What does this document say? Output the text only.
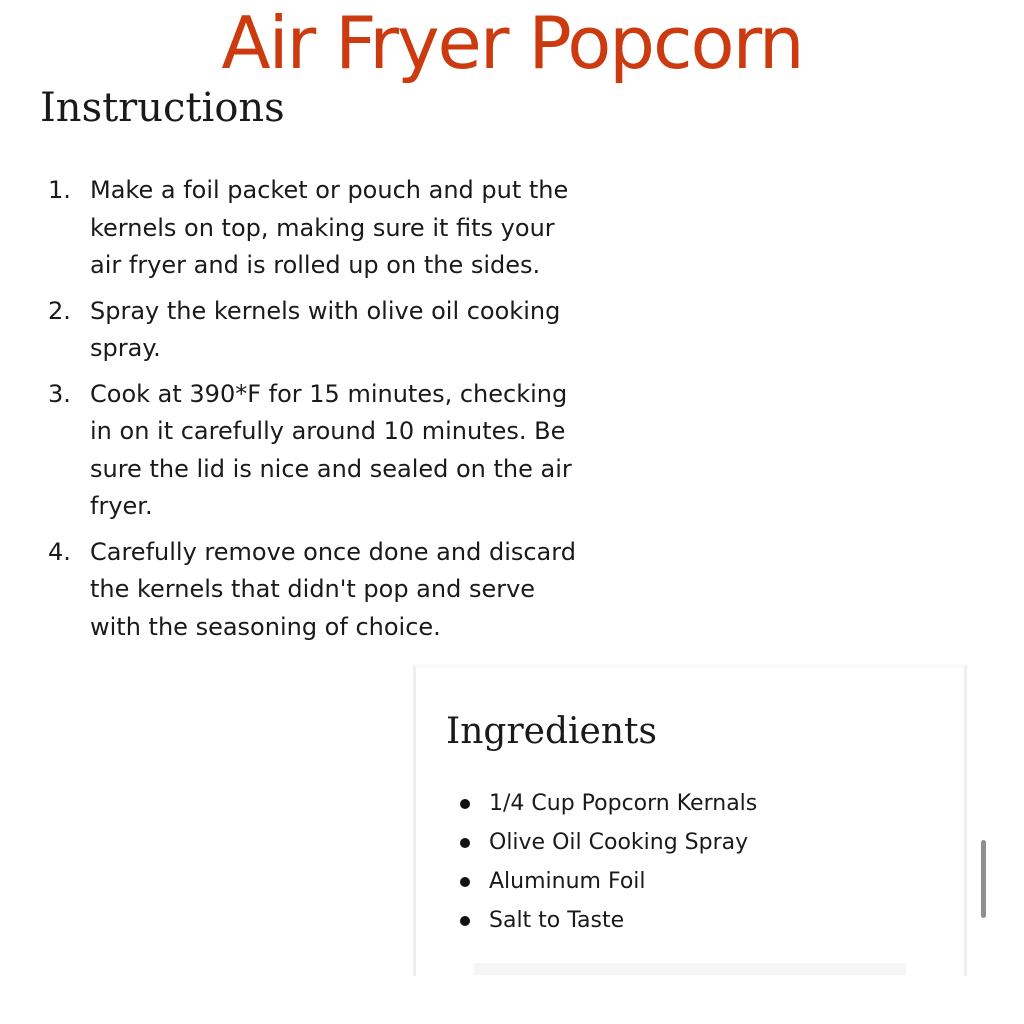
Air Fryer Popcorn
Instructions
1. Make a foil packet or pouch and put the
kernels on top, making sure it fits your
air fryer and is rolled up on the sides.
2. Spray the kernels with olive oil cooking
spray.
3. Cook at 390*F for 15 minutes, checking
in on it carefully around 10 minutes. Be
sure the lid is nice and sealed on the air
fryer.
4. Carefully remove once done and discard
the kernels that didn't pop and serve
with the seasoning of choice.
Ingredients
1/4 Cup Popcorn Kernals
Olive Oil Cooking Spray
Aluminum Foil
Salt to Taste
